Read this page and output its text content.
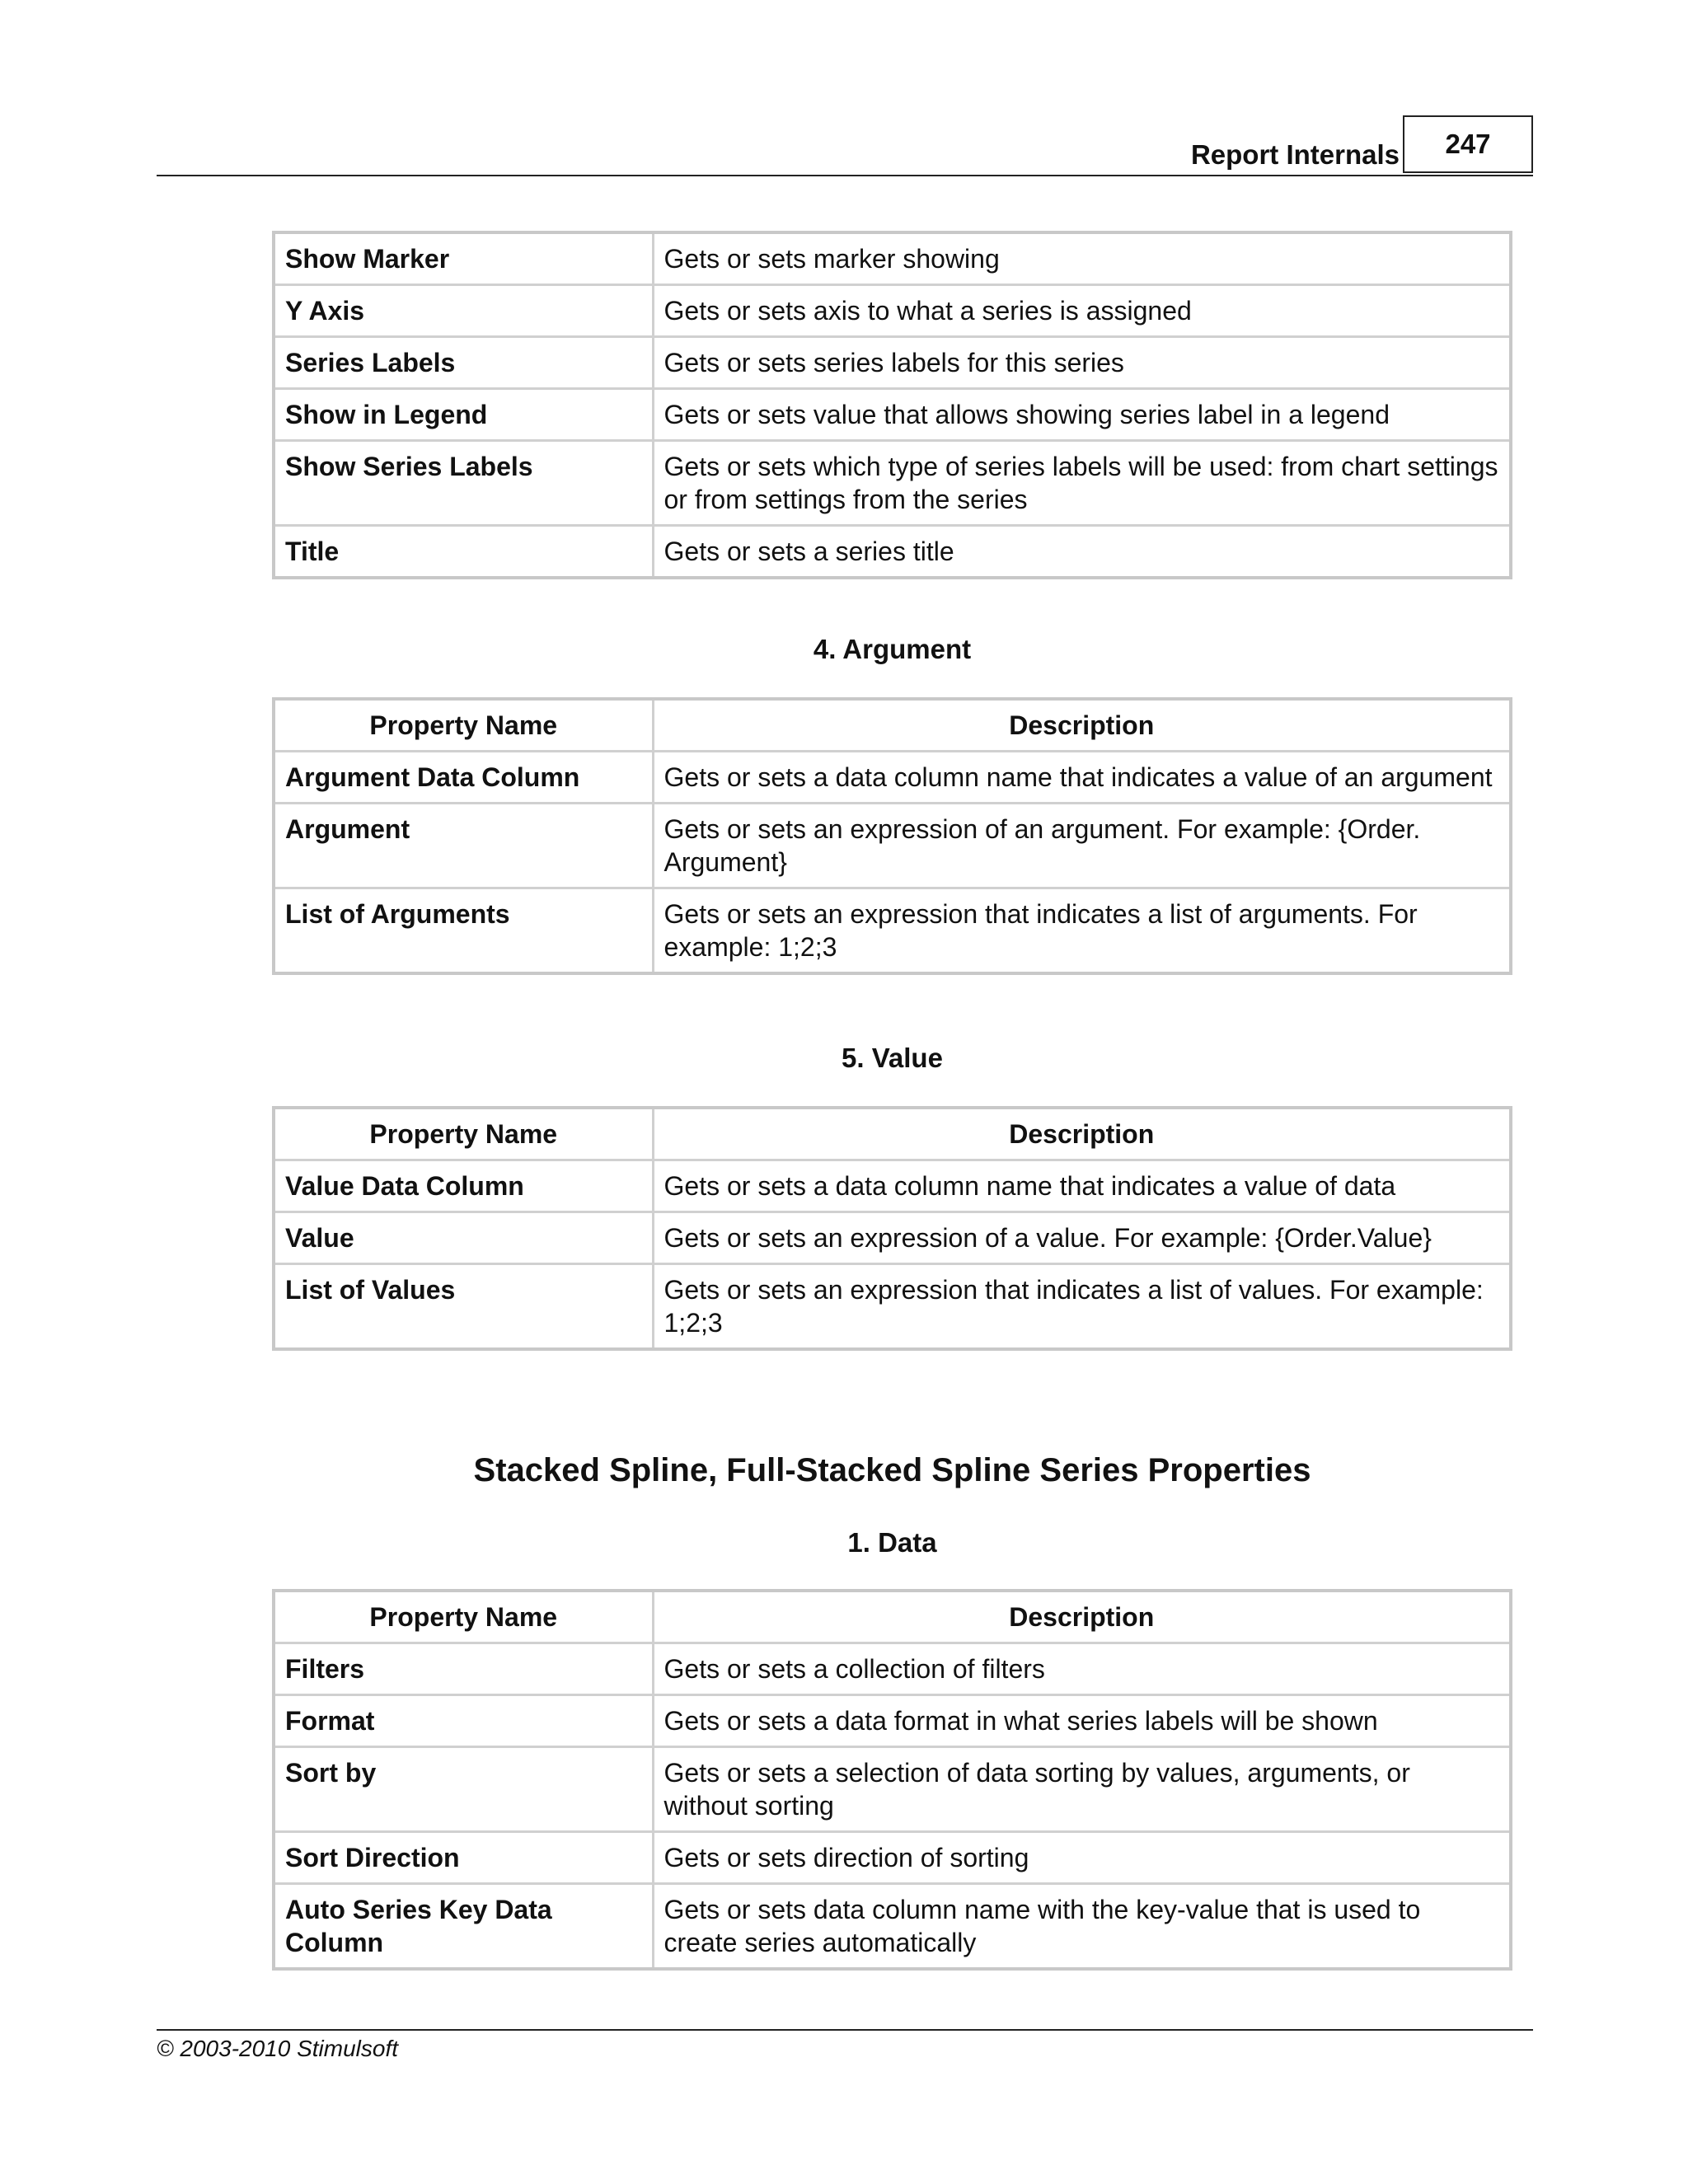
Report Internals	247
Show Marker	Gets or sets marker showing
Y Axis	Gets or sets axis to what a series is assigned
Series Labels	Gets or sets series labels for this series
Show in Legend	Gets or sets value that allows showing series label in a legend
Show Series Labels	Gets or sets which type of series labels will be used: from chart settings or from settings from the series
Title	Gets or sets a series title
4. Argument
Property Name	Description
Argument Data Column	Gets or sets a data column name that indicates a value of an argument
Argument	Gets or sets an expression of an argument. For example: {Order. Argument}
List of Arguments	Gets or sets an expression that indicates a list of arguments. For example: 1;2;3
5. Value
Property Name	Description
Value Data Column	Gets or sets a data column name that indicates a value of data
Value	Gets or sets an expression of a value. For example: {Order.Value}
List of Values	Gets or sets an expression that indicates a list of values. For example: 1;2;3
Stacked Spline, Full-Stacked Spline Series Properties
1. Data
Property Name	Description
Filters	Gets or sets a collection of filters
Format	Gets or sets a data format in what series labels will be shown
Sort by	Gets or sets a selection of data sorting by values, arguments, or without sorting
Sort Direction	Gets or sets direction of sorting
Auto Series Key Data Column	Gets or sets data column name with the key-value that is used to create series automatically
© 2003-2010 Stimulsoft
